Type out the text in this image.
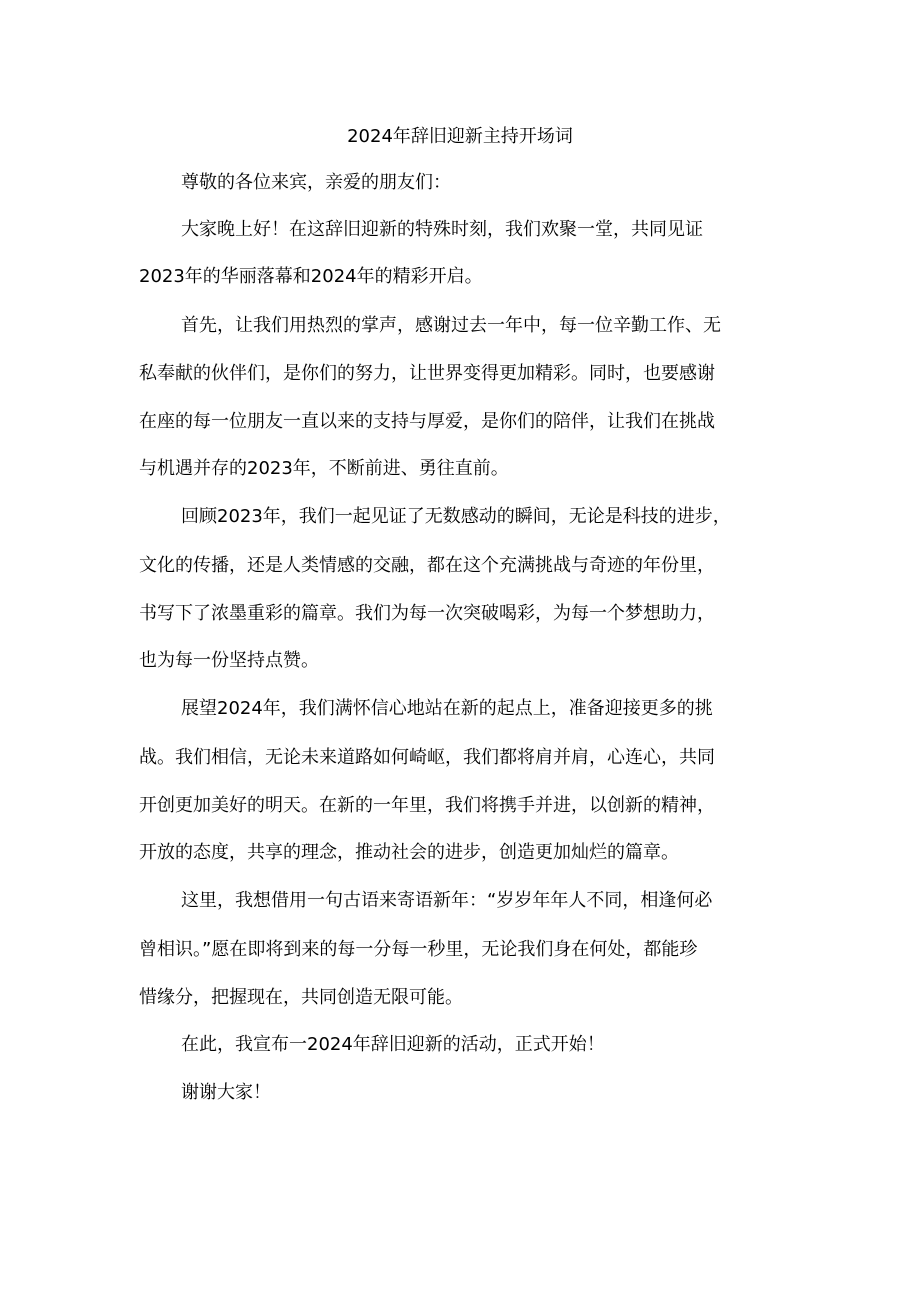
2024年辞旧迎新主持开场词

尊敬的各位来宾，亲爱的朋友们：

大家晚上好！在这辞旧迎新的特殊时刻，我们欢聚一堂，共同见证

2023年的华丽落幕和2024年的精彩开启。

首先，让我们用热烈的掌声，感谢过去一年中，每一位辛勤工作、无

私奉献的伙伴们，是你们的努力，让世界变得更加精彩。同时，也要感谢

在座的每一位朋友一直以来的支持与厚爱，是你们的陪伴，让我们在挑战

与机遇并存的2023年，不断前进、勇往直前。

回顾2023年，我们一起见证了无数感动的瞬间，无论是科技的进步，

文化的传播，还是人类情感的交融，都在这个充满挑战与奇迹的年份里，

书写下了浓墨重彩的篇章。我们为每一次突破喝彩，为每一个梦想助力，

也为每一份坚持点赞。

展望2024年，我们满怀信心地站在新的起点上，准备迎接更多的挑

战。我们相信，无论未来道路如何崎岖，我们都将肩并肩，心连心，共同

开创更加美好的明天。在新的一年里，我们将携手并进，以创新的精神，

开放的态度，共享的理念，推动社会的进步，创造更加灿烂的篇章。

这里，我想借用一句古语来寄语新年：“岁岁年年人不同，相逢何必

曾相识。”愿在即将到来的每一分每一秒里，无论我们身在何处，都能珍

惜缘分，把握现在，共同创造无限可能。

在此，我宣布一2024年辞旧迎新的活动，正式开始！

谢谢大家！
